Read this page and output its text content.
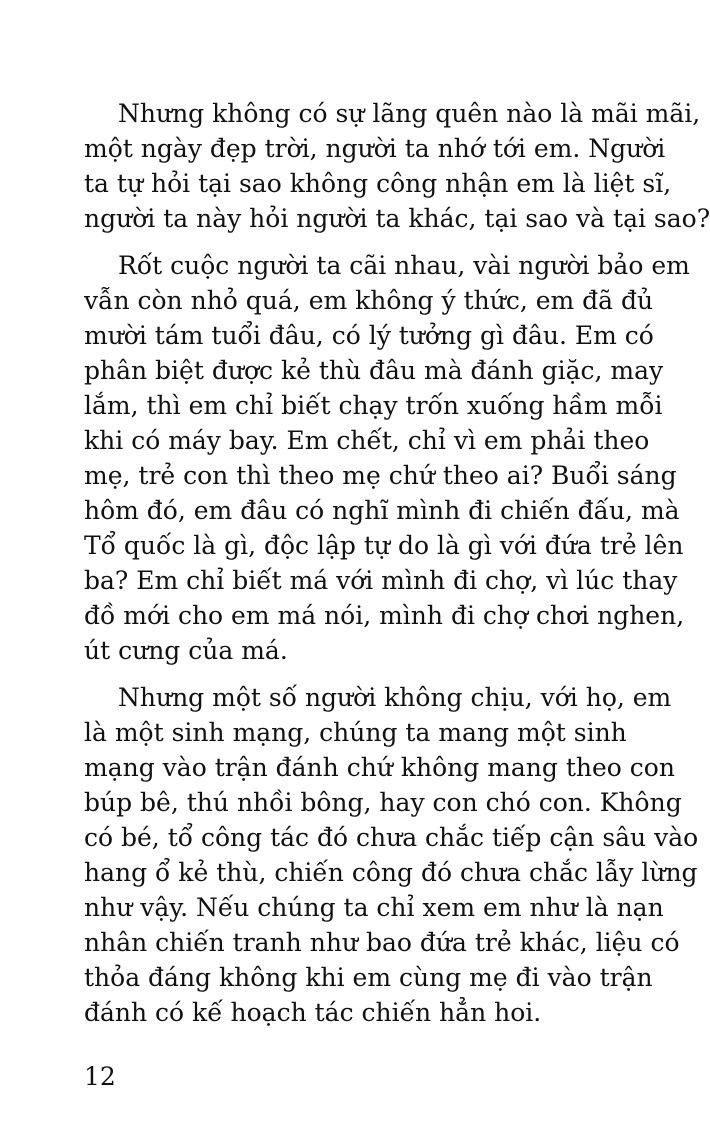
Nhưng không có sự lãng quên nào là mãi mãi,
một ngày đẹp trời, người ta nhớ tới em. Người
ta tự hỏi tại sao không công nhận em là liệt sĩ,
người ta này hỏi người ta khác, tại sao và tại sao?

Rốt cuộc người ta cãi nhau, vài người bảo em
vẫn còn nhỏ quá, em không ý thức, em đã đủ
mười tám tuổi đâu, có lý tưởng gì đâu. Em có
phân biệt được kẻ thù đâu mà đánh giặc, may
lắm, thì em chỉ biết chạy trốn xuống hầm mỗi
khi có máy bay. Em chết, chỉ vì em phải theo
mẹ, trẻ con thì theo mẹ chứ theo ai? Buổi sáng
hôm đó, em đâu có nghĩ mình đi chiến đấu, mà
Tổ quốc là gì, độc lập tự do là gì với đứa trẻ lên
ba? Em chỉ biết má với mình đi chợ, vì lúc thay
đồ mới cho em má nói, mình đi chợ chơi nghen,
út cưng của má.

Nhưng một số người không chịu, với họ, em
là một sinh mạng, chúng ta mang một sinh
mạng vào trận đánh chứ không mang theo con
búp bê, thú nhồi bông, hay con chó con. Không
có bé, tổ công tác đó chưa chắc tiếp cận sâu vào
hang ổ kẻ thù, chiến công đó chưa chắc lẫy lừng
như vậy. Nếu chúng ta chỉ xem em như là nạn
nhân chiến tranh như bao đứa trẻ khác, liệu có
thỏa đáng không khi em cùng mẹ đi vào trận
đánh có kế hoạch tác chiến hẳn hoi.

12
